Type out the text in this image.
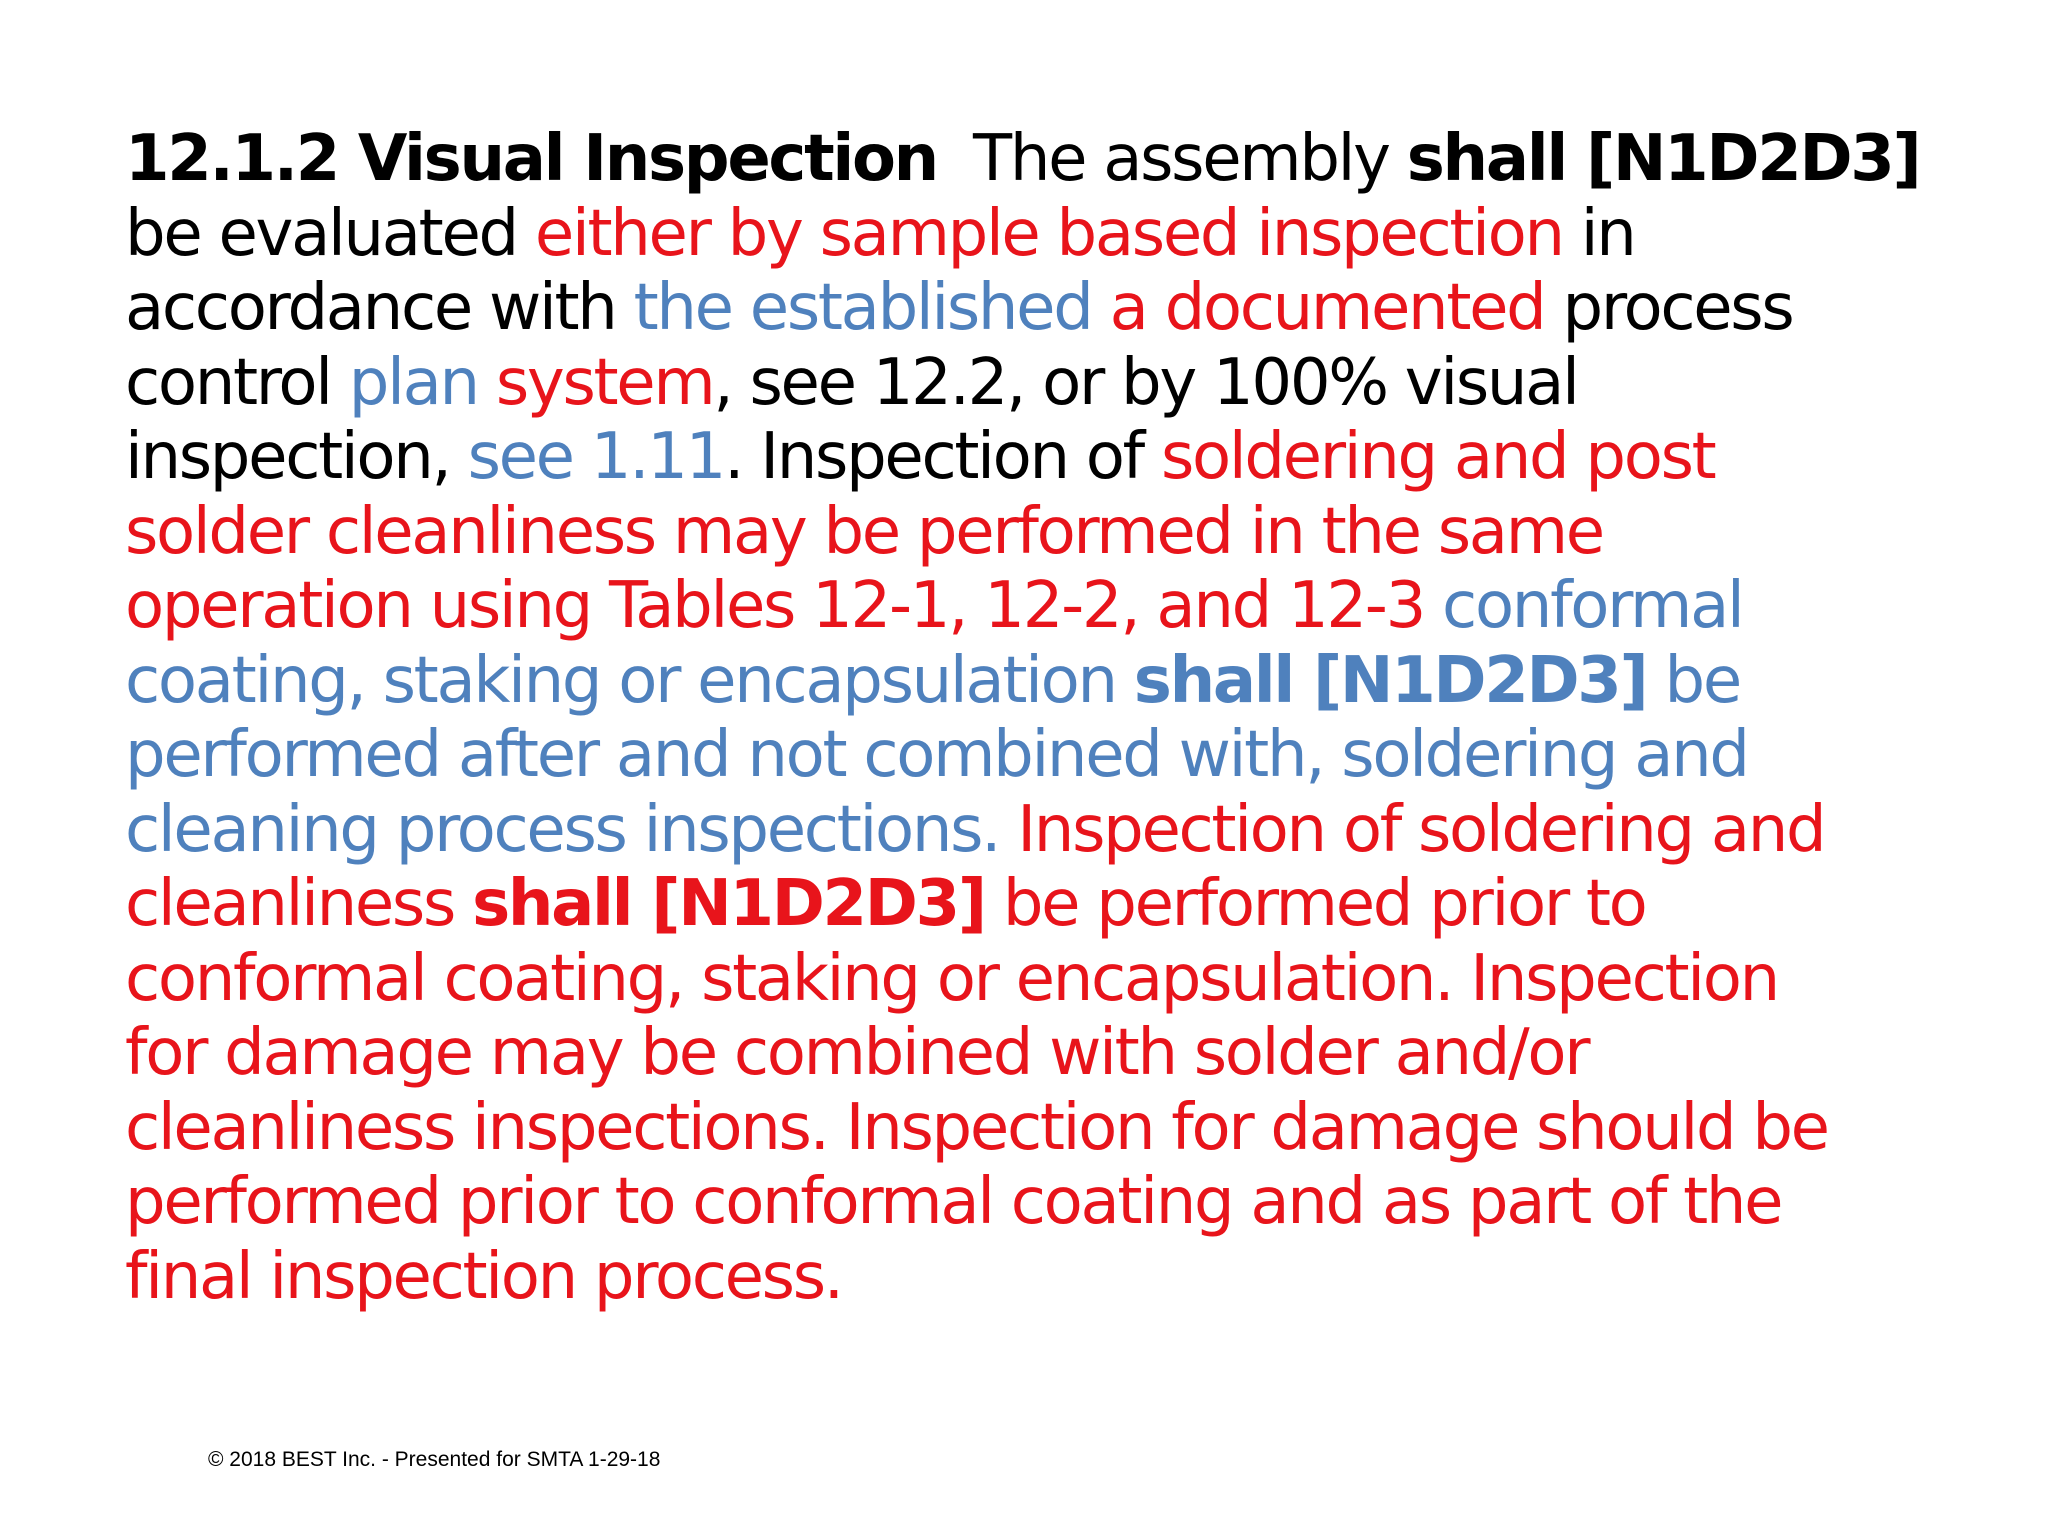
12.1.2 Visual Inspection  The assembly shall [N1D2D3]
be evaluated either by sample based inspection in
accordance with the established a documented process
control plan system, see 12.2, or by 100% visual
inspection, see 1.11. Inspection of soldering and post
solder cleanliness may be performed in the same
operation using Tables 12-1, 12-2, and 12-3 conformal
coating, staking or encapsulation shall [N1D2D3] be
performed after and not combined with, soldering and
cleaning process inspections. Inspection of soldering and
cleanliness shall [N1D2D3] be performed prior to
conformal coating, staking or encapsulation. Inspection
for damage may be combined with solder and/or
cleanliness inspections. Inspection for damage should be
performed prior to conformal coating and as part of the
final inspection process.
© 2018 BEST Inc. - Presented for SMTA 1-29-18
